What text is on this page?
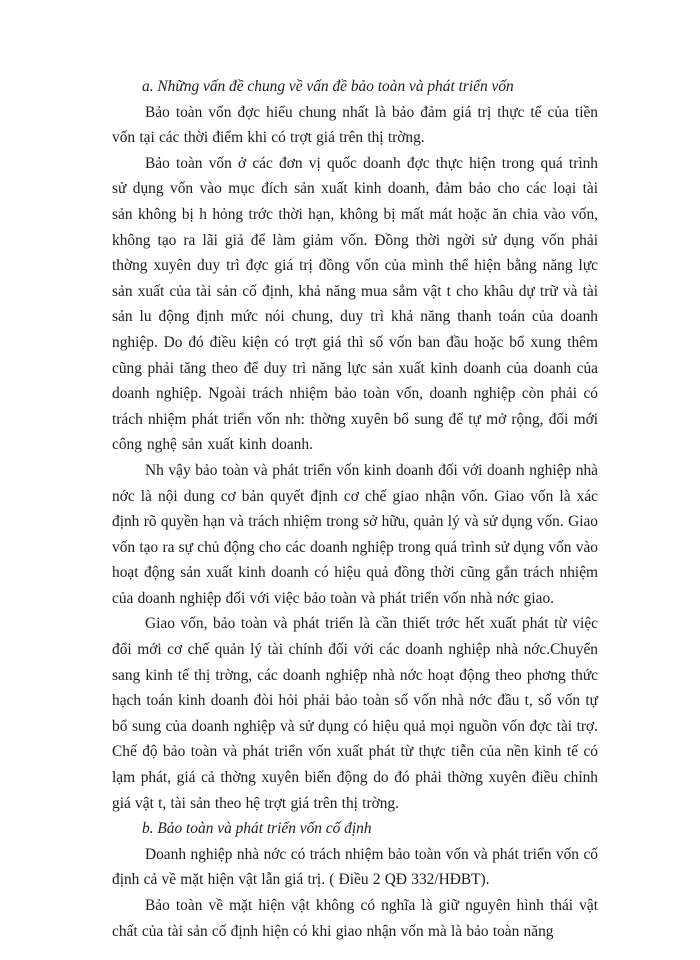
a. Những vấn đề chung về vấn đề bảo toàn và phát triển vốn

Bảo toàn vốn đợc hiểu chung nhất là bảo đảm giá trị thực tế của tiền vốn tại các thời điểm khi có trợt giá trên thị trờng.

Bảo toàn vốn ở các đơn vị quốc doanh đợc thực hiện trong quá trình sử dụng vốn vào mục đích sản xuất kinh doanh, đảm bảo cho các loại tài sản không bị h hỏng trớc thời hạn, không bị mất mát hoặc ăn chia vào vốn, không tạo ra lãi giả để làm giảm vốn. Đồng thời ngời sử dụng vốn phải thờng xuyên duy trì đợc giá trị đồng vốn của mình thể hiện bằng năng lực sản xuất của tài sản cố định, khả năng mua sắm vật t cho khâu dự trữ và tài sản lu động định mức nói chung, duy trì khả năng thanh toán của doanh nghiệp. Do đó điều kiện có trợt giá thì số vốn ban đầu hoặc bổ xung thêm cũng phải tăng theo để duy trì năng lực sản xuất kinh doanh của doanh của doanh nghiệp. Ngoài trách nhiệm bảo toàn vốn, doanh nghiệp còn phải có trách nhiệm phát triển vốn nh: thờng xuyên bổ sung để tự mở rộng, đổi mới công nghệ sản xuất kinh doanh.

Nh vậy bảo toàn và phát triển vốn kinh doanh đối với doanh nghiệp nhà nớc là nội dung cơ bản quyết định cơ chế giao nhận vốn. Giao vốn là xác định rõ quyền hạn và trách nhiệm trong sở hữu, quản lý và sử dụng vốn. Giao vốn tạo ra sự chủ động cho các doanh nghiệp trong quá trình sử dụng vốn vào hoạt động sản xuất kinh doanh có hiệu quả đồng thời cũng gắn trách nhiệm của doanh nghiệp đối với việc bảo toàn và phát triển vốn nhà nớc giao.

Giao vốn, bảo toàn và phát triển là cần thiết trớc hết xuất phát từ việc đổi mới cơ chế quản lý tài chính đối với các doanh nghiệp nhà nớc.Chuyển sang kinh tế thị trờng, các doanh nghiệp nhà nớc hoạt động theo phơng thức hạch toán kinh doanh đòi hỏi phải bảo toàn số vốn nhà nớc đầu t, số vốn tự bổ sung của doanh nghiệp và sử dụng có hiệu quả mọi nguồn vốn đợc tài trợ. Chế độ bảo toàn và phát triển vốn xuất phát từ thực tiễn của nền kinh tế có lạm phát, giá cả thờng xuyên biến động do đó phải thờng xuyên điều chỉnh giá vật t, tài sản theo hệ trợt giá trên thị trờng.

b. Bảo toàn và phát triển vốn cố định

Doanh nghiệp nhà nớc có trách nhiệm bảo toàn vốn và phát triển vốn cố định cả về mặt hiện vật lẫn giá trị. ( Điều 2 QĐ 332/HĐBT).

Bảo toàn về mặt hiện vật không có nghĩa là giữ nguyên hình thái vật chất của tài sản cố định hiện có khi giao nhận vốn mà là bảo toàn năng
